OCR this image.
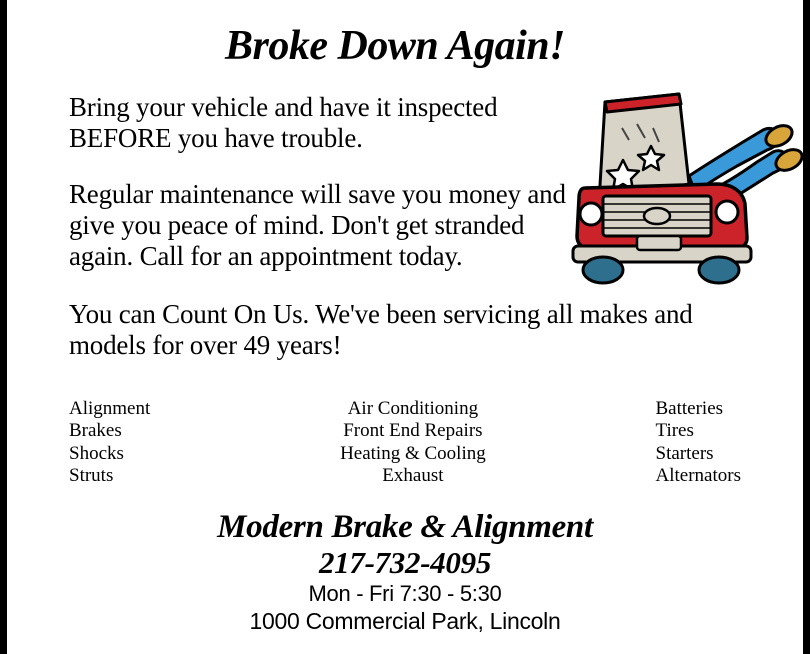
Broke Down Again!

Bring your vehicle and have it inspected BEFORE you have trouble.

Regular maintenance will save you money and give you peace of mind. Don't get stranded again. Call for an appointment today.

You can Count On Us. We've been servicing all makes and models for over 49 years!

Alignment
Brakes
Shocks
Struts
Air Conditioning
Front End Repairs
Heating & Cooling
Exhaust
Batteries
Tires
Starters
Alternators
Modern Brake & Alignment
217-732-4095
Mon - Fri 7:30 - 5:30
1000 Commercial Park, Lincoln
